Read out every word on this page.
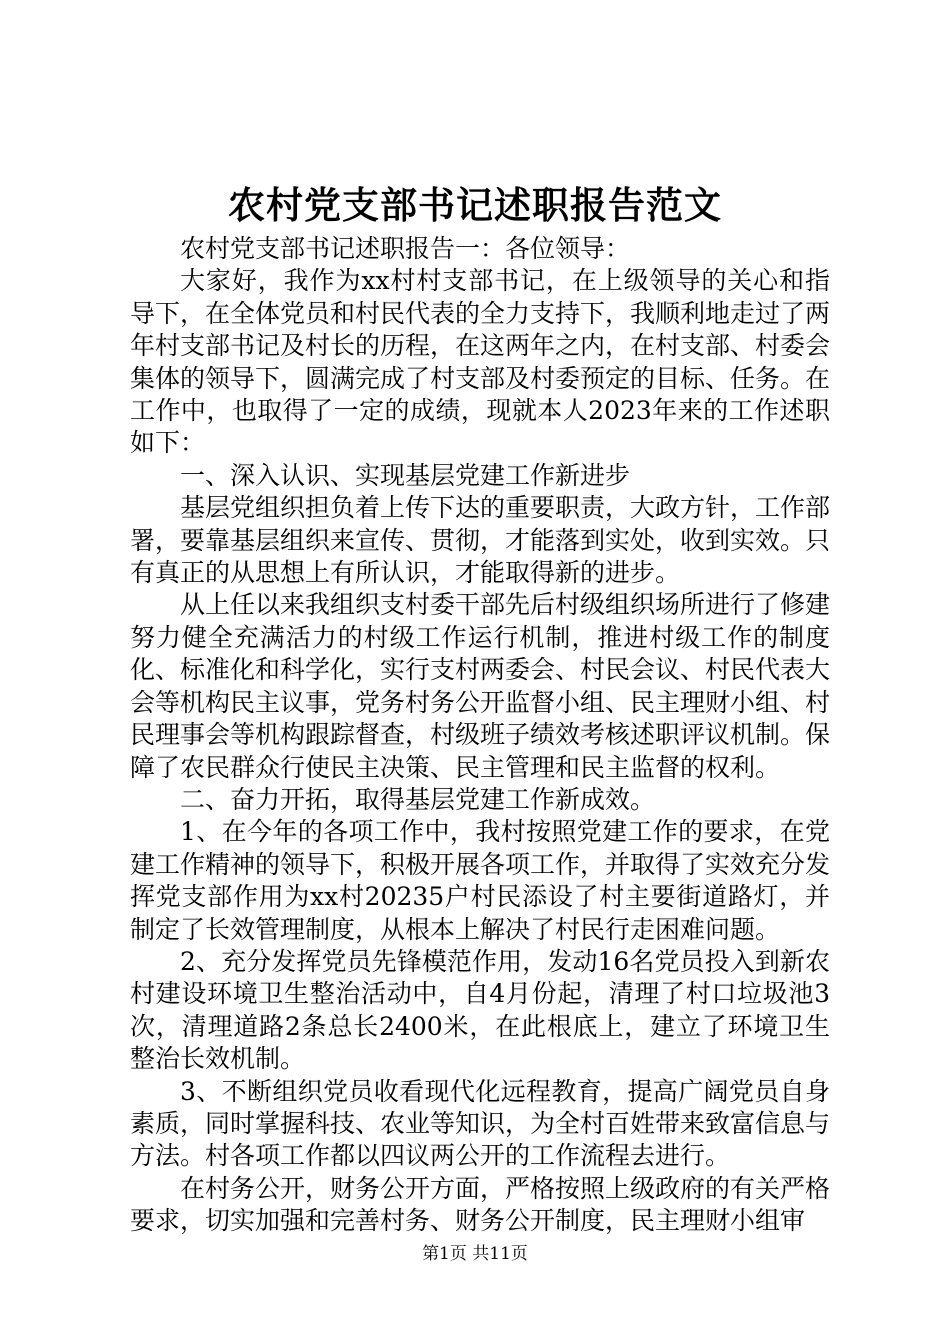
农村党支部书记述职报告范文

农村党支部书记述职报告一：各位领导：

大家好，我作为xx村村支部书记，在上级领导的关心和指导下，在全体党员和村民代表的全力支持下，我顺利地走过了两年村支部书记及村长的历程，在这两年之内，在村支部、村委会集体的领导下，圆满完成了村支部及村委预定的目标、任务。在工作中，也取得了一定的成绩，现就本人2023年来的工作述职如下：

一、深入认识、实现基层党建工作新进步

基层党组织担负着上传下达的重要职责，大政方针，工作部署，要靠基层组织来宣传、贯彻，才能落到实处，收到实效。只有真正的从思想上有所认识，才能取得新的进步。

从上任以来我组织支村委干部先后村级组织场所进行了修建努力健全充满活力的村级工作运行机制，推进村级工作的制度化、标准化和科学化，实行支村两委会、村民会议、村民代表大会等机构民主议事，党务村务公开监督小组、民主理财小组、村民理事会等机构跟踪督查，村级班子绩效考核述职评议机制。保障了农民群众行使民主决策、民主管理和民主监督的权利。

二、奋力开拓，取得基层党建工作新成效。

1、在今年的各项工作中，我村按照党建工作的要求，在党建工作精神的领导下，积极开展各项工作，并取得了实效充分发挥党支部作用为xx村20235户村民添设了村主要街道路灯，并制定了长效管理制度，从根本上解决了村民行走困难问题。

2、充分发挥党员先锋模范作用，发动16名党员投入到新农村建设环境卫生整治活动中，自4月份起，清理了村口垃圾池3次，清理道路2条总长2400米，在此根底上，建立了环境卫生整治长效机制。

3、不断组织党员收看现代化远程教育，提高广阔党员自身素质，同时掌握科技、农业等知识，为全村百姓带来致富信息与方法。村各项工作都以四议两公开的工作流程去进行。

在村务公开，财务公开方面，严格按照上级政府的有关严格要求，切实加强和完善村务、财务公开制度，民主理财小组审

第1页 共11页
